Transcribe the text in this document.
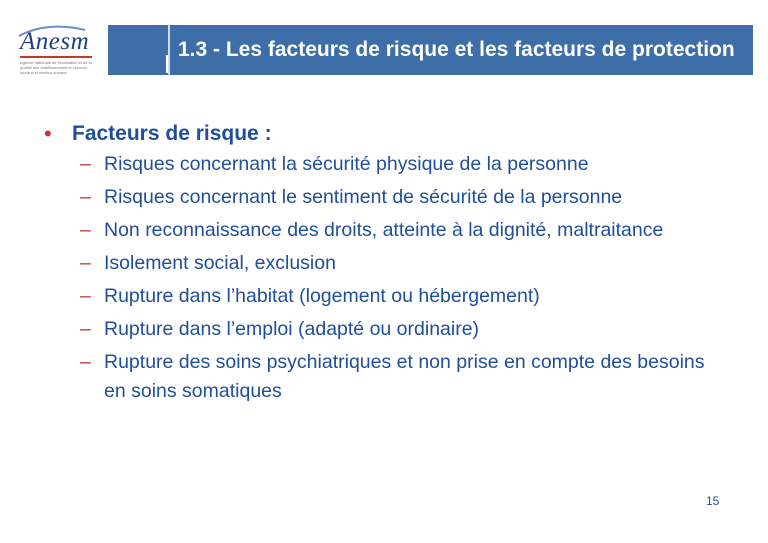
Anesm
Agence nationale de l'évaluation et de la qualité des établissements et services sociaux et médico-sociaux
1.3 - Les facteurs de risque et les facteurs de protection
• Facteurs de risque :
– Risques concernant la sécurité physique de la personne
– Risques concernant le sentiment de sécurité de la personne
– Non reconnaissance des droits, atteinte à la dignité, maltraitance
– Isolement social, exclusion
– Rupture dans l’habitat (logement ou hébergement)
– Rupture dans l’emploi (adapté ou ordinaire)
– Rupture des soins psychiatriques et non prise en compte des besoins en soins somatiques
15
